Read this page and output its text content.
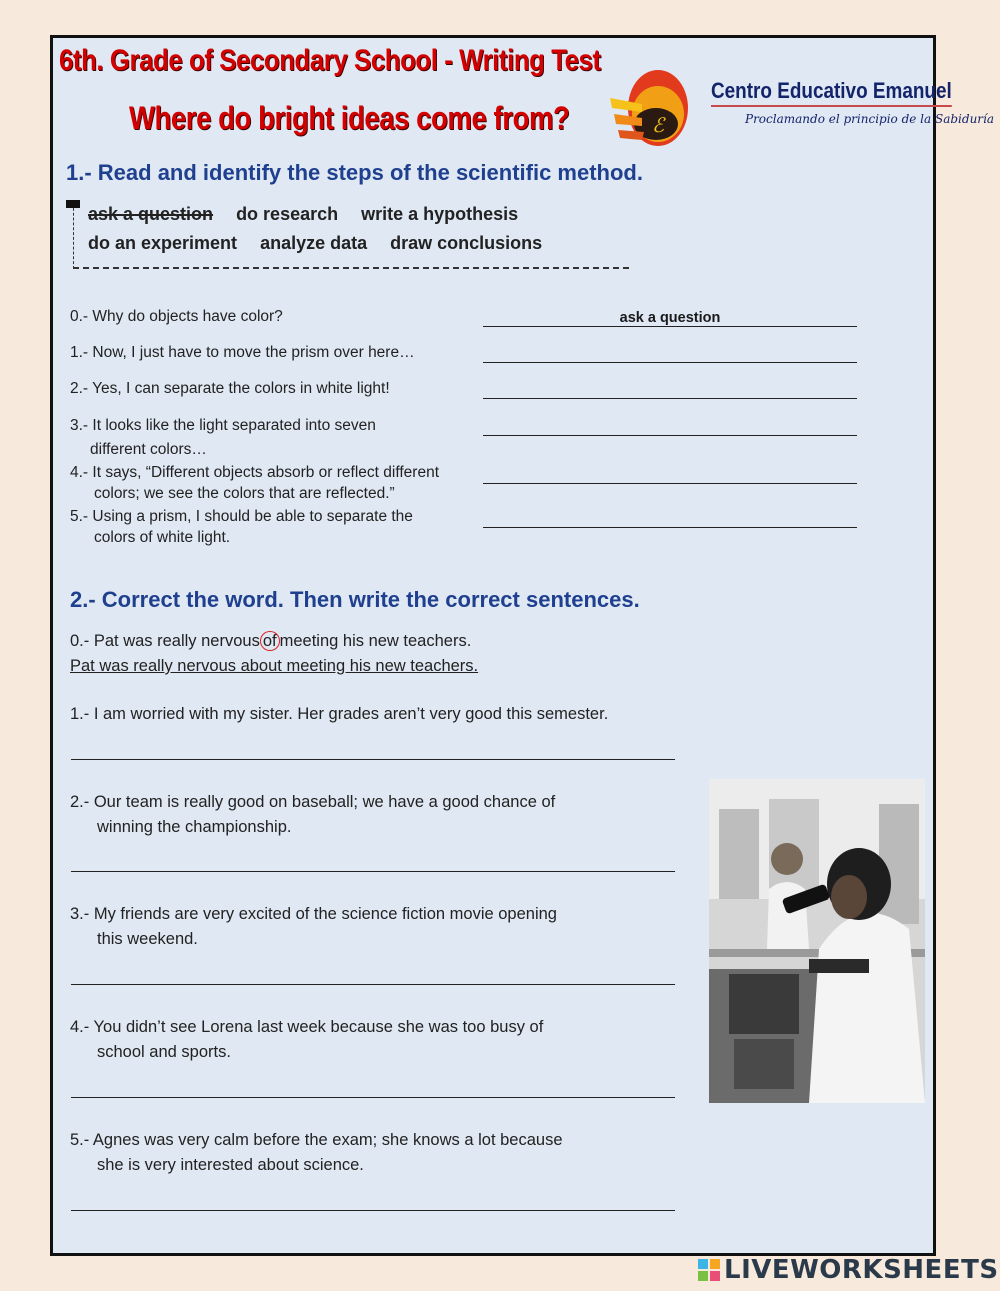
6th. Grade of Secondary School - Writing Test
Where do bright ideas come from?	ℰ
Centro Educativo Emanuel
Proclamando el principio de la Sabiduría
1.- Read and identify the steps of the scientific method.
ask a question do research write a hypothesis
do an experiment analyze data draw conclusions
0.- Why do objects have color?	ask a question
1.- Now, I just have to move the prism over here…
2.- Yes, I can separate the colors in white light!
3.- It looks like the light separated into seven
different colors…
4.- It says, “Different objects absorb or reflect different
colors; we see the colors that are reflected.”
5.- Using a prism, I should be able to separate the
colors of white light.
2.- Correct the word. Then write the correct sentences.
0.- Pat was really nervous of meeting his new teachers.
Pat was really nervous about meeting his new teachers.
1.- I am worried with my sister. Her grades aren’t very good this semester.
2.- Our team is really good on baseball; we have a good chance of
winning the championship.
3.- My friends are very excited of the science fiction movie opening
this weekend.
4.- You didn’t see Lorena last week because she was too busy of
school and sports.
5.- Agnes was very calm before the exam; she knows a lot because
she is very interested about science.
LIVEWORKSHEETS
